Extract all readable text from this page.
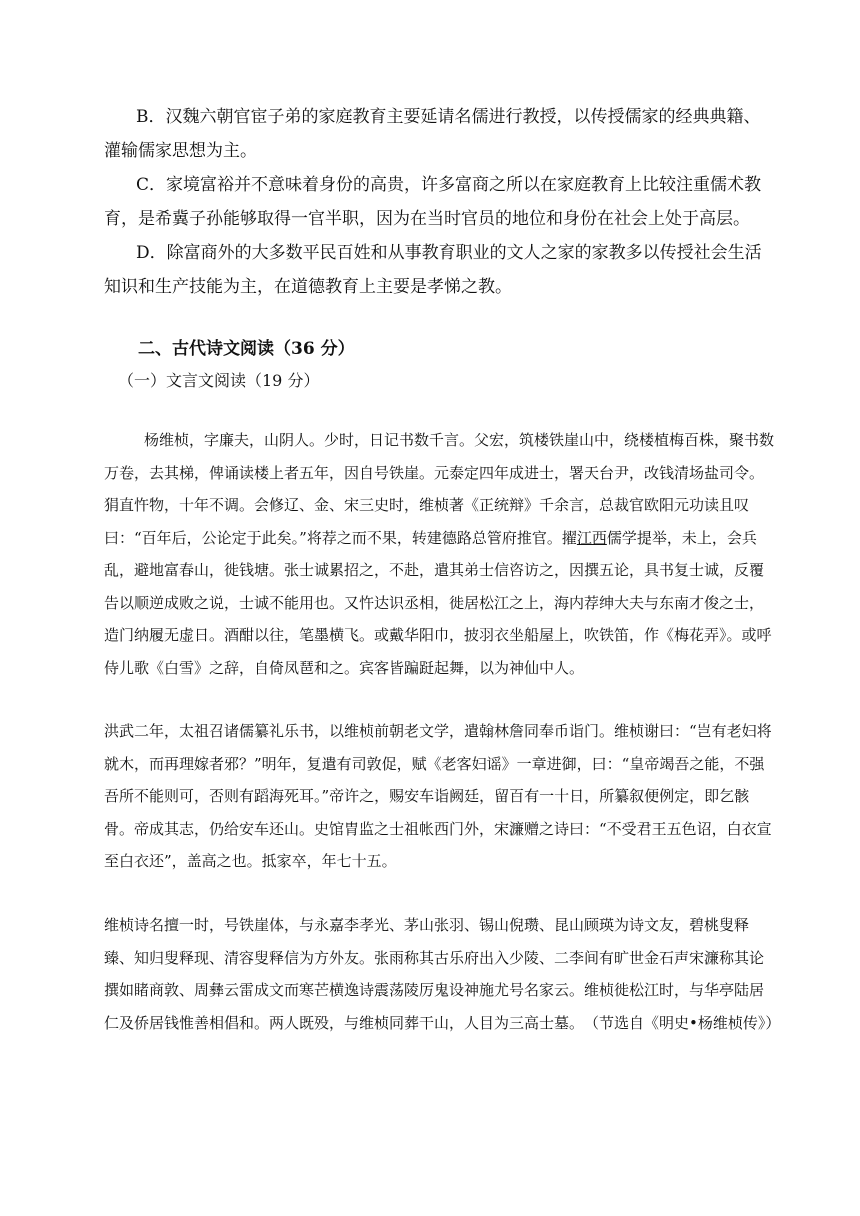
B．汉魏六朝官宦子弟的家庭教育主要延请名儒进行教授，以传授儒家的经典典籍、灌输儒家思想为主。
C．家境富裕并不意味着身份的高贵，许多富商之所以在家庭教育上比较注重儒术教育，是希冀子孙能够取得一官半职，因为在当时官员的地位和身份在社会上处于高层。
D．除富商外的大多数平民百姓和从事教育职业的文人之家的家教多以传授社会生活知识和生产技能为主，在道德教育上主要是孝悌之教。
二、古代诗文阅读（36 分）
（一）文言文阅读（19 分）
杨维桢，字廉夫，山阴人。少时，日记书数千言。父宏，筑楼铁崖山中，绕楼植梅百株，聚书数万卷，去其梯，俾诵读楼上者五年，因自号铁崖。元泰定四年成进士，署天台尹，改钱清场盐司令。狷直忤物，十年不调。会修辽、金、宋三史时，维桢著《正统辩》千余言，总裁官欧阳元功读且叹曰：“百年后，公论定于此矣。”将荐之而不果，转建德路总管府推官。擢江西儒学提举，未上，会兵乱，避地富春山，徙钱塘。张士诚累招之，不赴，遣其弟士信咨访之，因撰五论，具书复士诚，反覆告以顺逆成败之说，士诚不能用也。又忤达识丞相，徙居松江之上，海内荐绅大夫与东南才俊之士，造门纳履无虚日。酒酣以往，笔墨横飞。或戴华阳巾，披羽衣坐船屋上，吹铁笛，作《梅花弄》。或呼侍儿歌《白雪》之辞，自倚凤琶和之。宾客皆蹁跹起舞，以为神仙中人。
洪武二年，太祖召诸儒纂礼乐书，以维桢前朝老文学，遣翰林詹同奉币诣门。维桢谢曰：“岂有老妇将就木，而再理嫁者邪？”明年，复遣有司敦促，赋《老客妇谣》一章进御，曰：“皇帝竭吾之能，不强吾所不能则可，否则有蹈海死耳。”帝许之，赐安车诣阙廷，留百有一十日，所纂叙便例定，即乞骸骨。帝成其志，仍给安车还山。史馆胄监之士祖帐西门外，宋濂赠之诗曰：“不受君王五色诏，白衣宣至白衣还”，盖高之也。抵家卒，年七十五。
维桢诗名擅一时，号铁崖体，与永嘉李孝光、茅山张羽、锡山倪瓒、昆山顾瑛为诗文友，碧桃叟释臻、知归叟释现、清容叟释信为方外友。张雨称其古乐府出入少陵、二李间有旷世金石声宋濂称其论撰如睹商敦、周彝云雷成文而寒芒横逸诗震荡陵厉鬼设神施尤号名家云。维桢徙松江时，与华亭陆居仁及侨居钱惟善相倡和。两人既殁，与维桢同葬干山，人目为三高士墓。　（节选自《明史•杨维桢传》）
